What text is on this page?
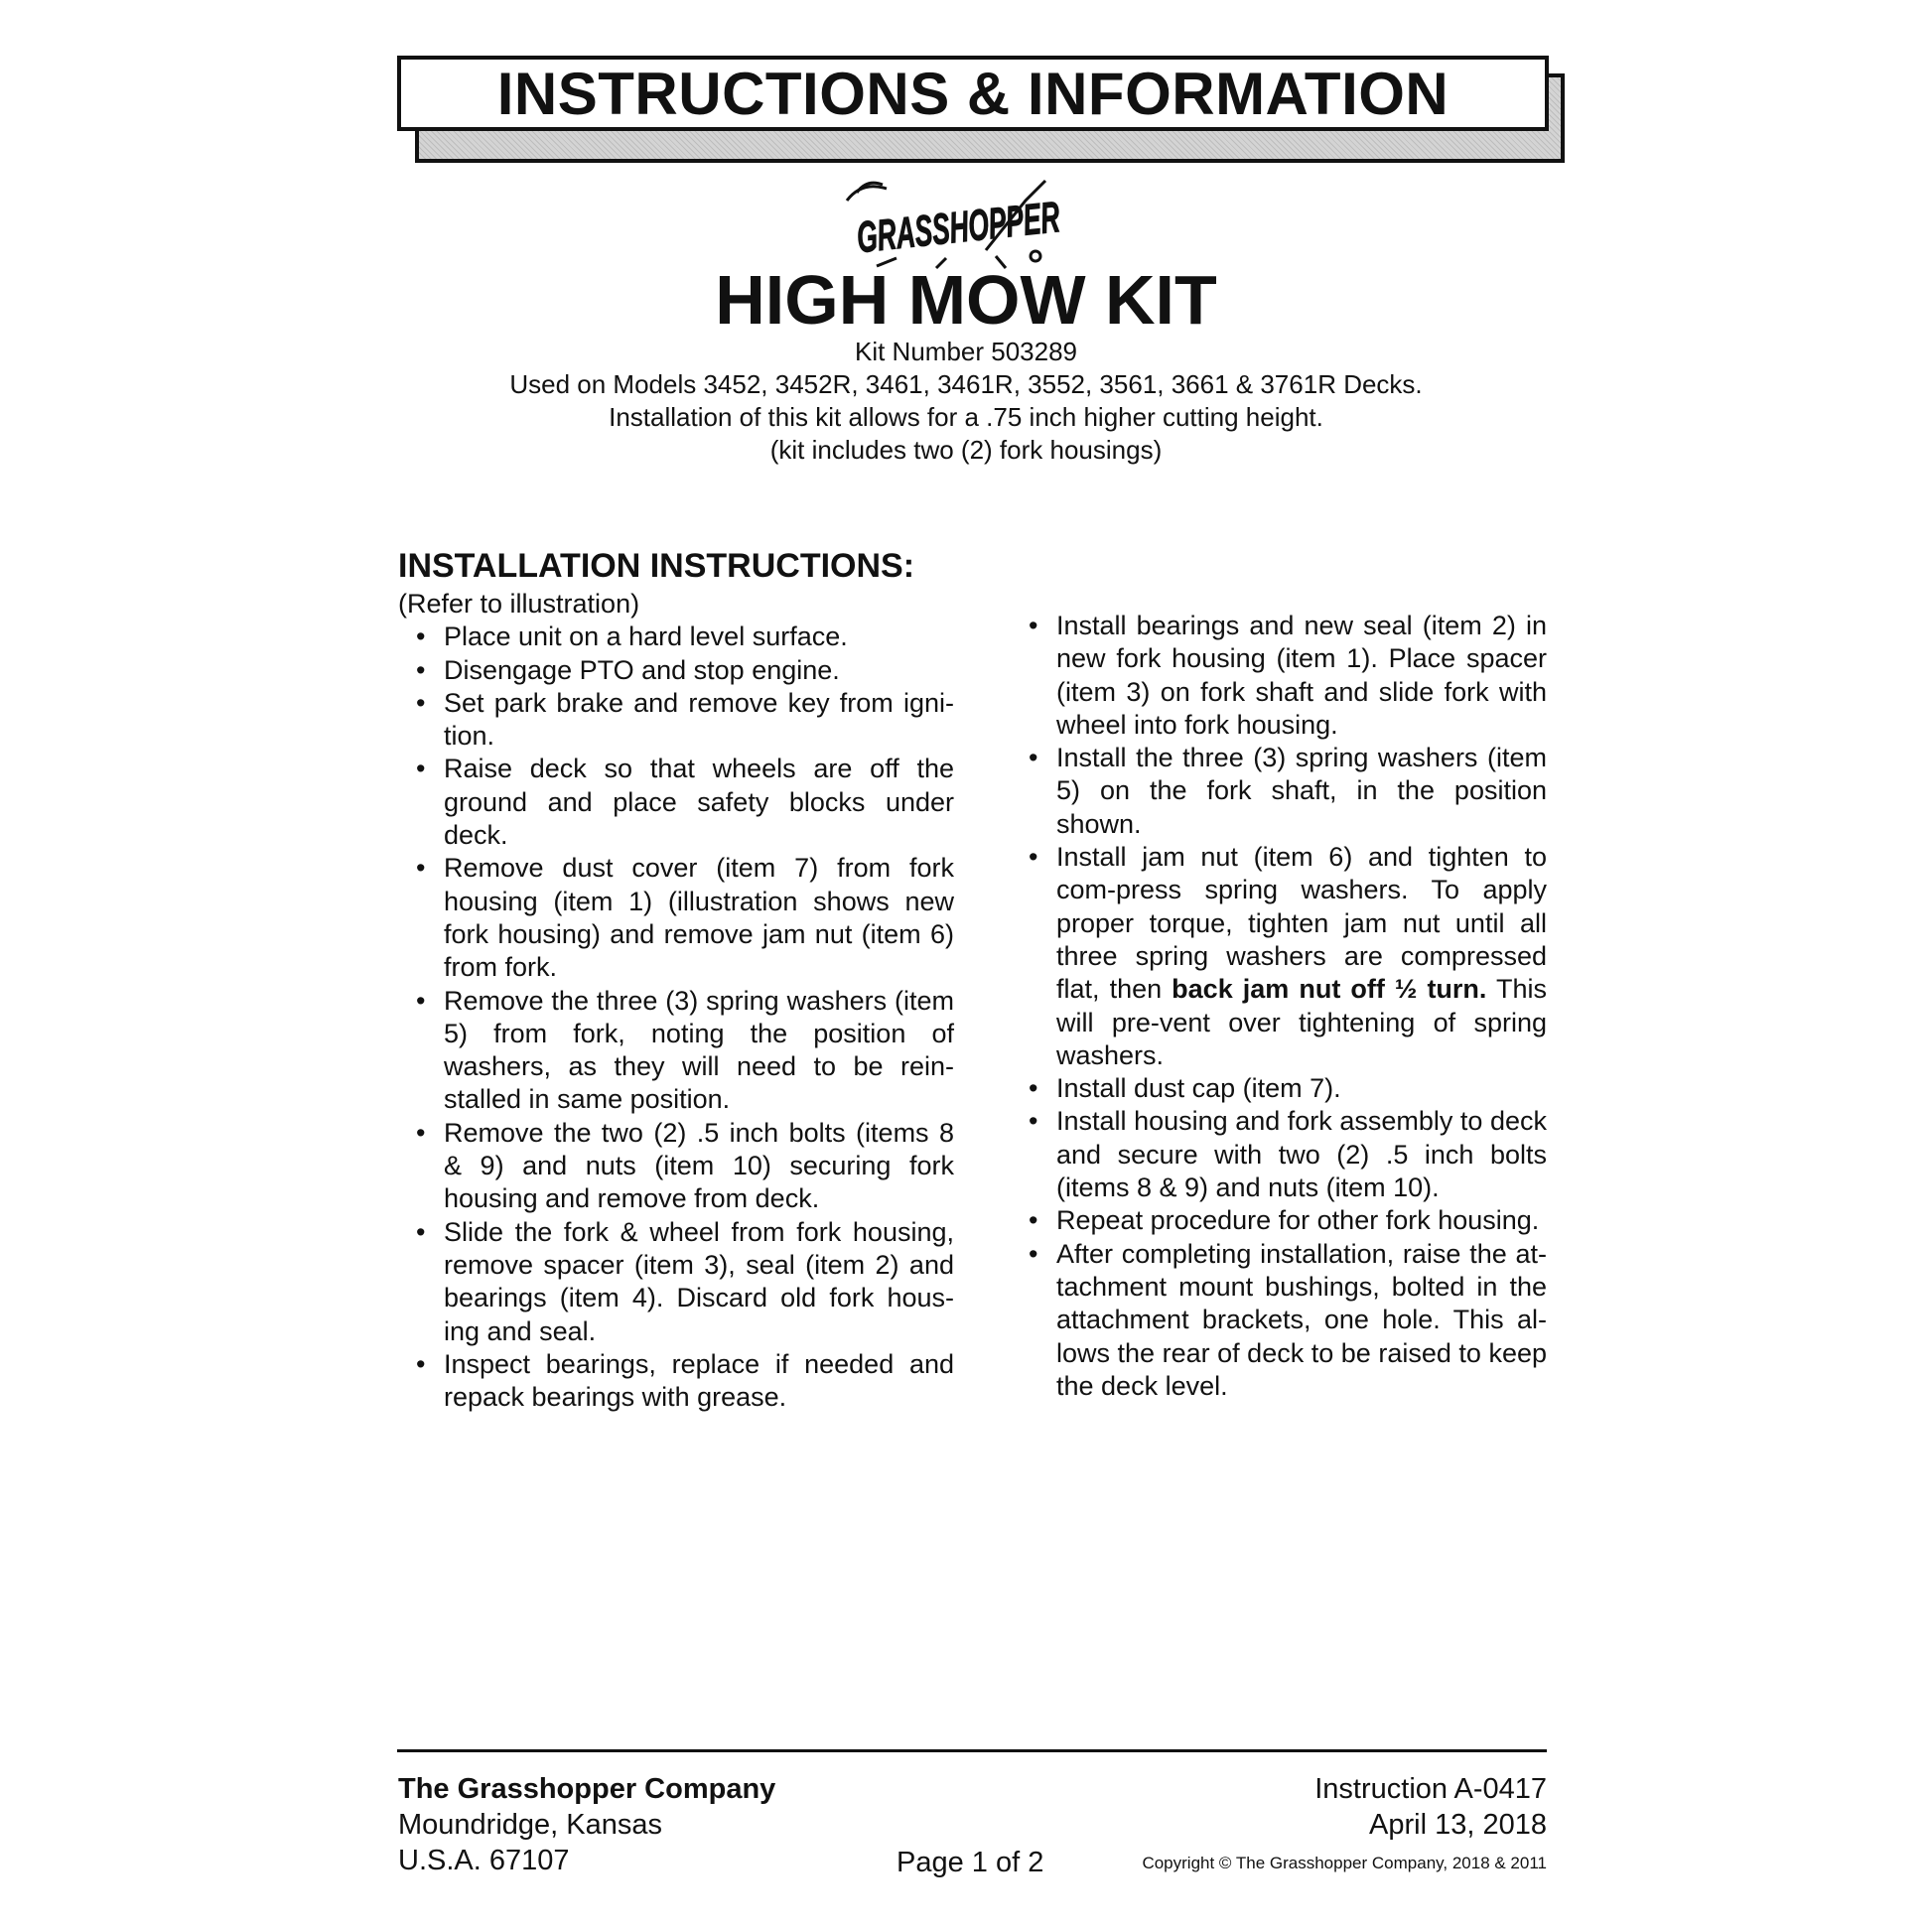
INSTRUCTIONS & INFORMATION
GRASSHOPPER
HIGH MOW KIT
Kit Number 503289
Used on Models 3452, 3452R, 3461, 3461R, 3552, 3561, 3661 & 3761R Decks.
Installation of this kit allows for a .75 inch higher cutting height.
(kit includes two (2) fork housings)
INSTALLATION INSTRUCTIONS:
(Refer to illustration)
• Place unit on a hard level surface.
• Disengage PTO and stop engine.
• Set park brake and remove key from igni-tion.
• Raise deck so that wheels are off the ground and place safety blocks under deck.
• Remove dust cover (item 7) from fork housing (item 1) (illustration shows new fork housing) and remove jam nut (item 6) from fork.
• Remove the three (3) spring washers (item 5) from fork, noting the position of washers, as they will need to be rein-stalled in same position.
• Remove the two (2) .5 inch bolts (items 8 & 9) and nuts (item 10) securing fork housing and remove from deck.
• Slide the fork & wheel from fork housing, remove spacer (item 3), seal (item 2) and bearings (item 4). Discard old fork hous-ing and seal.
• Inspect bearings, replace if needed and repack bearings with grease.
• Install bearings and new seal (item 2) in new fork housing (item 1). Place spacer (item 3) on fork shaft and slide fork with wheel into fork housing.
• Install the three (3) spring washers (item 5) on the fork shaft, in the position shown.
• Install jam nut (item 6) and tighten to com-press spring washers. To apply proper torque, tighten jam nut until all three spring washers are compressed flat, then back jam nut off ½ turn. This will pre-vent over tightening of spring washers.
• Install dust cap (item 7).
• Install housing and fork assembly to deck and secure with two (2) .5 inch bolts (items 8 & 9) and nuts (item 10).
• Repeat procedure for other fork housing.
• After completing installation, raise the at-tachment mount bushings, bolted in the attachment brackets, one hole. This al-lows the rear of deck to be raised to keep the deck level.
The Grasshopper Company
Moundridge, Kansas
U.S.A. 67107	Page 1 of 2
Instruction A-0417
April 13, 2018
Copyright © The Grasshopper Company, 2018 & 2011
